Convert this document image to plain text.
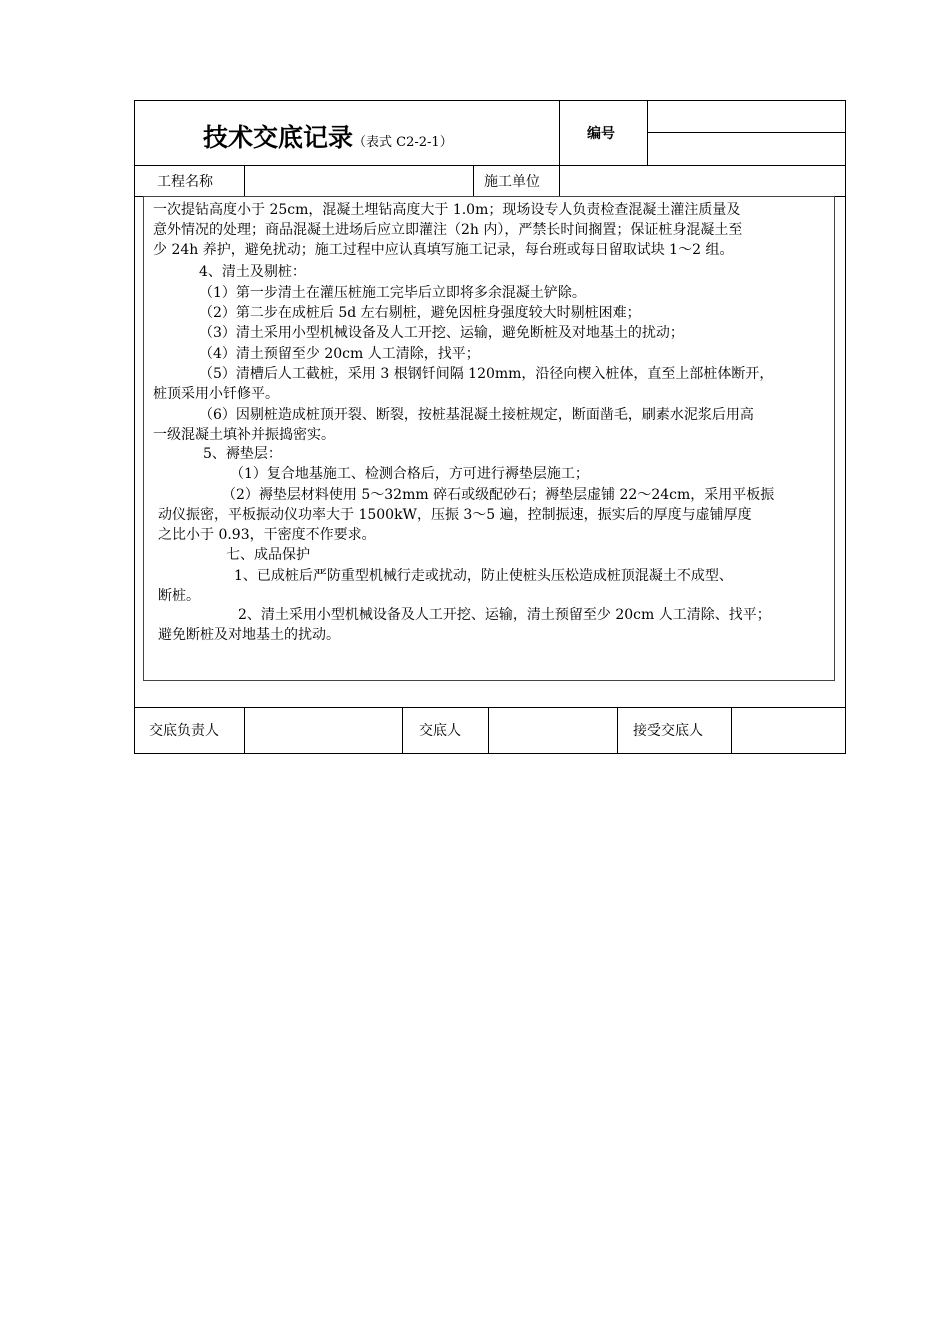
技术交底记录（表式 C2-2-1）
编号
工程名称	施工单位
一次提钻高度小于 25cm，混凝土埋钻高度大于 1.0m；现场设专人负责检查混凝土灌注质量及
意外情况的处理；商品混凝土进场后应立即灌注（2h 内），严禁长时间搁置；保证桩身混凝土至
少 24h 养护，避免扰动；施工过程中应认真填写施工记录，每台班或每日留取试块 1～2 组。
4、清土及剔桩：
（1）第一步清土在灌压桩施工完毕后立即将多余混凝土铲除。
（2）第二步在成桩后 5d 左右剔桩，避免因桩身强度较大时剔桩困难；
（3）清土采用小型机械设备及人工开挖、运输，避免断桩及对地基土的扰动；
（4）清土预留至少 20cm 人工清除，找平；
（5）清槽后人工截桩，采用 3 根钢钎间隔 120mm，沿径向楔入桩体，直至上部桩体断开，
桩顶采用小钎修平。
（6）因剔桩造成桩顶开裂、断裂，按桩基混凝土接桩规定，断面凿毛，刷素水泥浆后用高
一级混凝土填补并振捣密实。
5、褥垫层：
（1）复合地基施工、检测合格后，方可进行褥垫层施工；
（2）褥垫层材料使用 5～32mm 碎石或级配砂石；褥垫层虚铺 22～24cm，采用平板振
动仪振密，平板振动仪功率大于 1500kW，压振 3～5 遍，控制振速，振实后的厚度与虚铺厚度
之比小于 0.93，干密度不作要求。
七、成品保护
1、已成桩后严防重型机械行走或扰动，防止使桩头压松造成桩顶混凝土不成型、
断桩。
2、清土采用小型机械设备及人工开挖、运输，清土预留至少 20cm 人工清除、找平；
避免断桩及对地基土的扰动。
交底负责人	交底人	接受交底人
